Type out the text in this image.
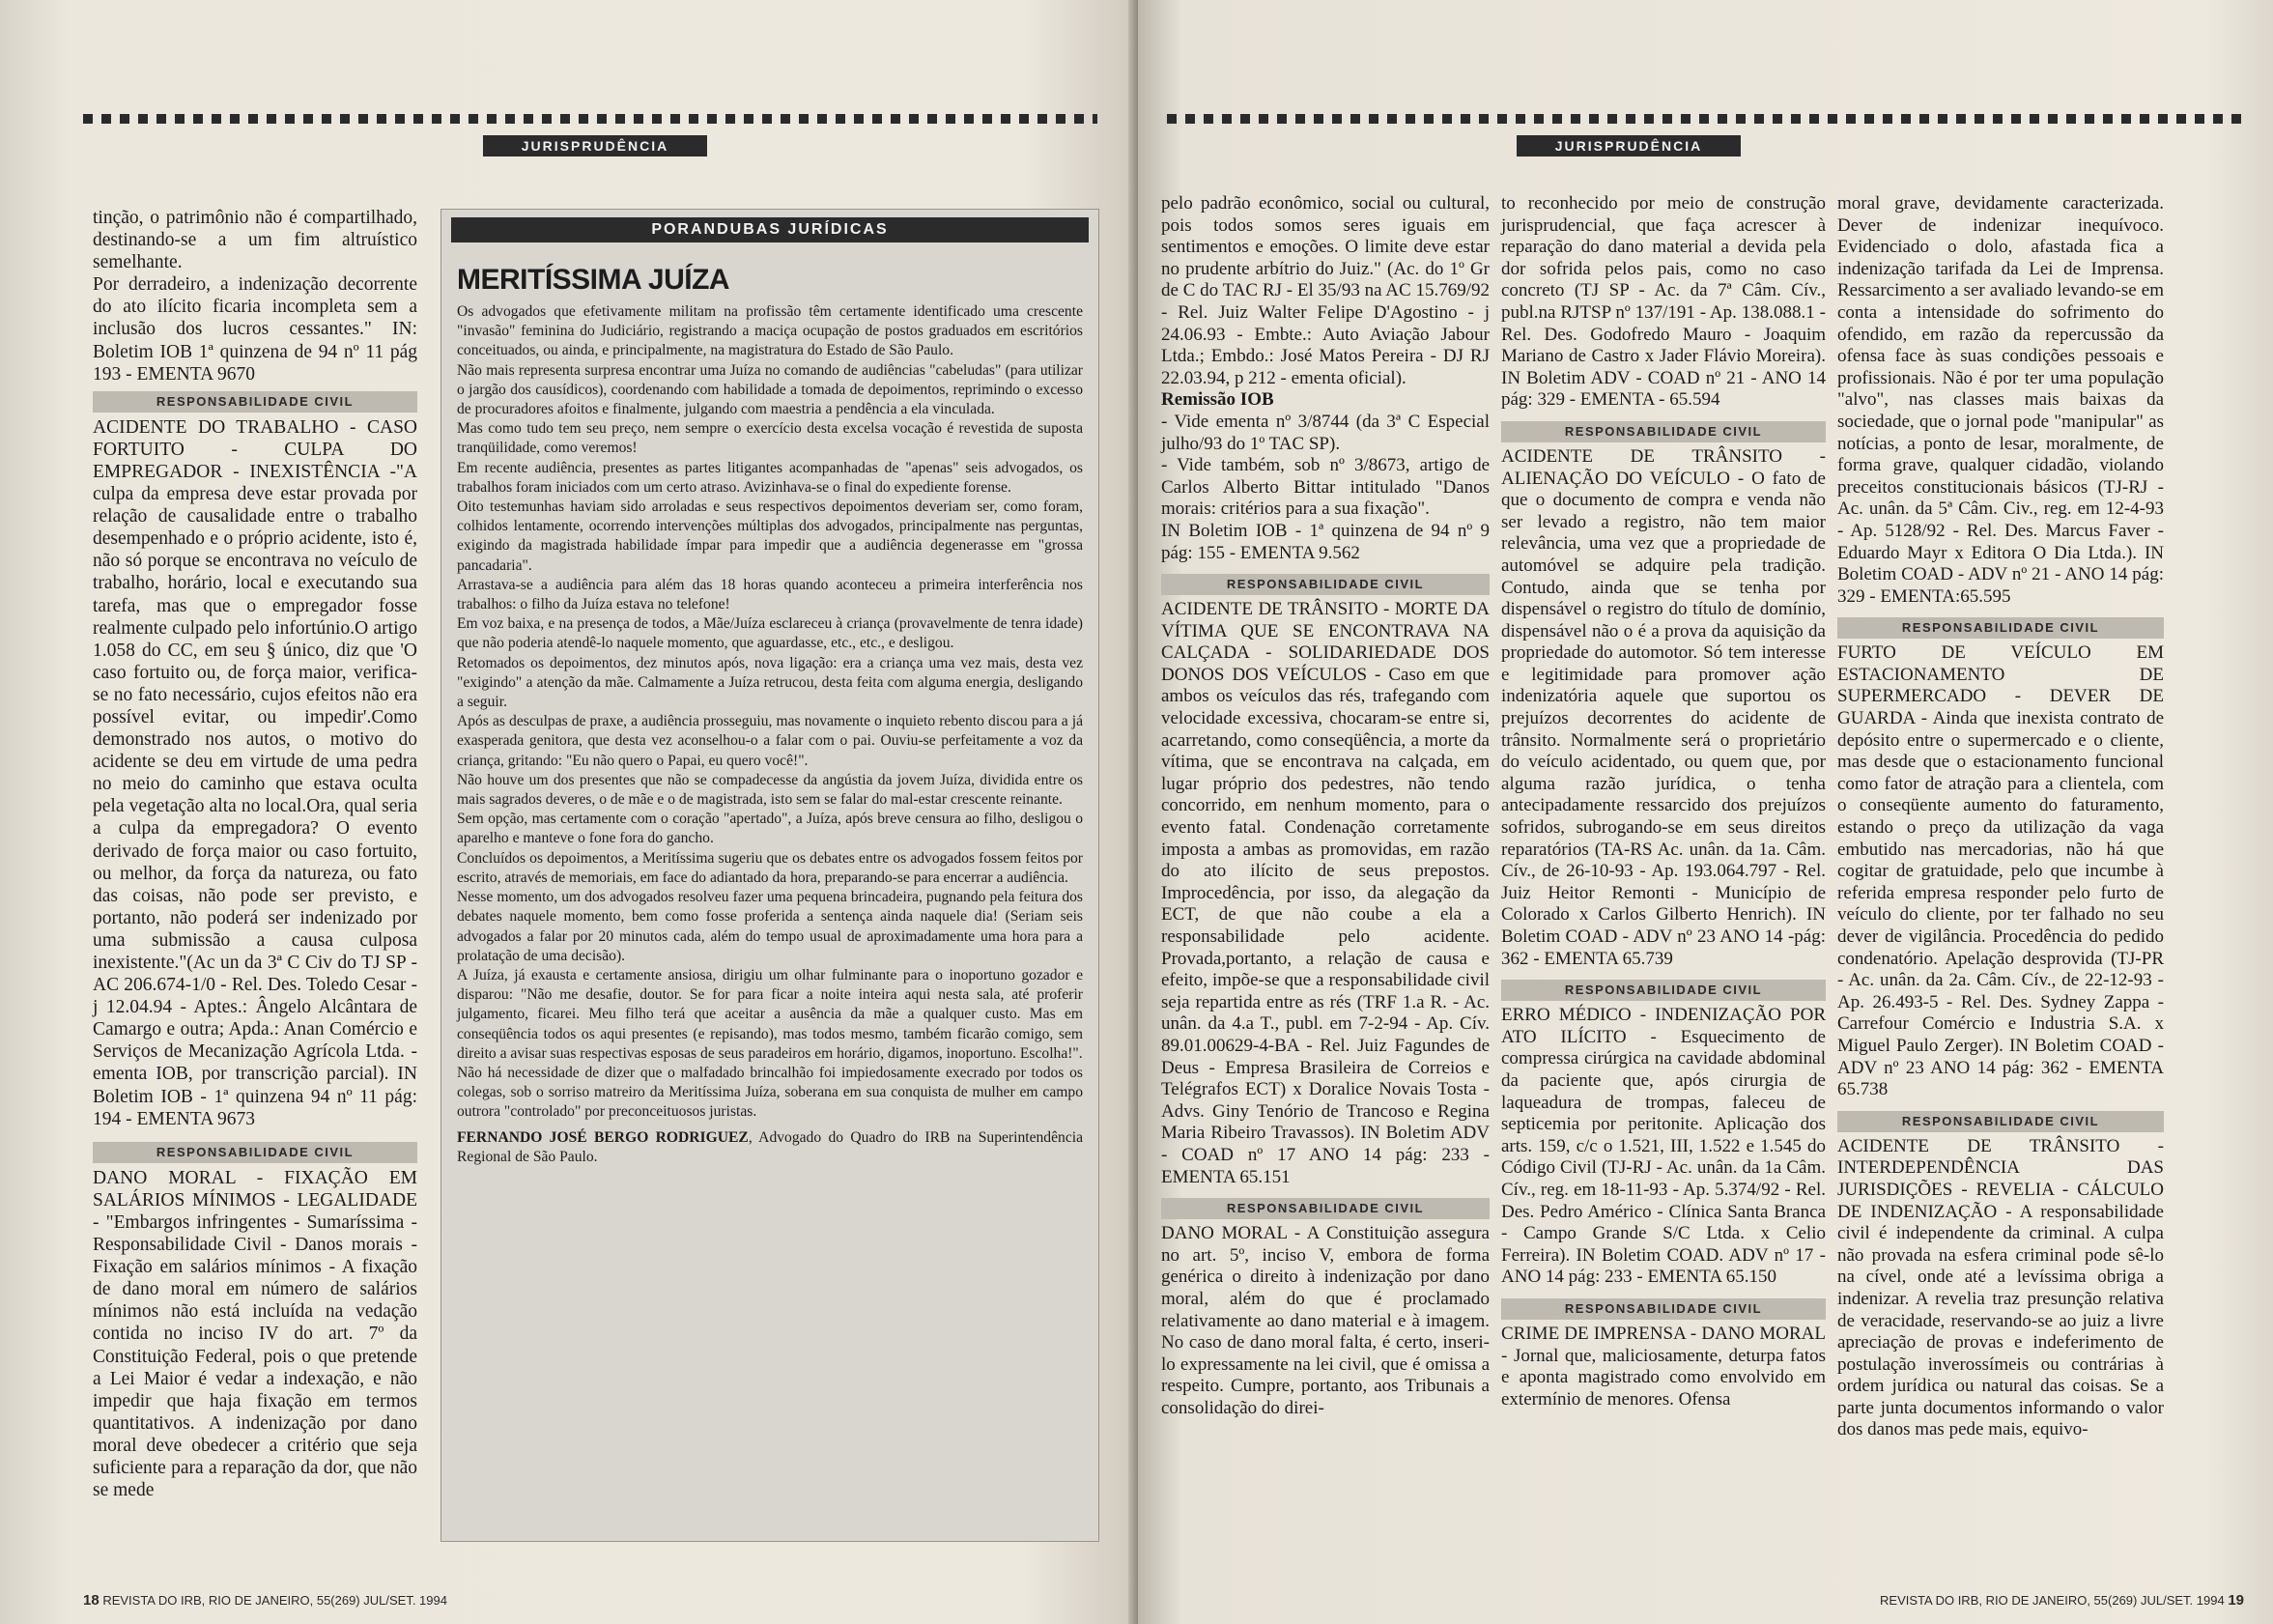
JURISPRUDÊNCIA

tinção, o patrimônio não é compartilhado, destinando-se a um fim altruístico semelhante.

Por derradeiro, a indenização decorrente do ato ilícito ficaria incompleta sem a inclusão dos lucros cessantes." IN: Boletim IOB 1ª quinzena de 94 nº 11 pág 193 - EMENTA 9670

RESPONSABILIDADE CIVIL

ACIDENTE DO TRABALHO - CASO FORTUITO - CULPA DO EMPREGADOR - INEXISTÊNCIA -"A culpa da empresa deve estar provada por relação de causalidade entre o trabalho desempenhado e o próprio acidente, isto é, não só porque se encontrava no veículo de trabalho, horário, local e executando sua tarefa, mas que o empregador fosse realmente culpado pelo infortúnio.O artigo 1.058 do CC, em seu § único, diz que 'O caso fortuito ou, de força maior, verifica-se no fato necessário, cujos efeitos não era possível evitar, ou impedir'.Como demonstrado nos autos, o motivo do acidente se deu em virtude de uma pedra no meio do caminho que estava oculta pela vegetação alta no local.Ora, qual seria a culpa da empregadora? O evento derivado de força maior ou caso fortuito, ou melhor, da força da natureza, ou fato das coisas, não pode ser previsto, e portanto, não poderá ser indenizado por uma submissão a causa culposa inexistente."(Ac un da 3ª C Civ do TJ SP - AC 206.674-1/0 - Rel. Des. Toledo Cesar - j 12.04.94 - Aptes.: Ângelo Alcântara de Camargo e outra; Apda.: Anan Comércio e Serviços de Mecanização Agrícola Ltda. - ementa IOB, por transcrição parcial). IN Boletim IOB - 1ª quinzena 94 nº 11 pág: 194 - EMENTA 9673

RESPONSABILIDADE CIVIL

DANO MORAL - FIXAÇÃO EM SALÁRIOS MÍNIMOS - LEGALIDADE - "Embargos infringentes - Sumaríssima - Responsabilidade Civil - Danos morais - Fixação em salários mínimos - A fixação de dano moral em número de salários mínimos não está incluída na vedação contida no inciso IV do art. 7º da Constituição Federal, pois o que pretende a Lei Maior é vedar a indexação, e não impedir que haja fixação em termos quantitativos. A indenização por dano moral deve obedecer a critério que seja suficiente para a reparação da dor, que não se mede

PORANDUBAS JURÍDICAS
MERITÍSSIMA JUÍZA

Os advogados que efetivamente militam na profissão têm certamente identificado uma crescente "invasão" feminina do Judiciário, registrando a maciça ocupação de postos graduados em escritórios conceituados, ou ainda, e principalmente, na magistratura do Estado de São Paulo.

Não mais representa surpresa encontrar uma Juíza no comando de audiências "cabeludas" (para utilizar o jargão dos causídicos), coordenando com habilidade a tomada de depoimentos, reprimindo o excesso de procuradores afoitos e finalmente, julgando com maestria a pendência a ela vinculada.

Mas como tudo tem seu preço, nem sempre o exercício desta excelsa vocação é revestida de suposta tranqüilidade, como veremos!

Em recente audiência, presentes as partes litigantes acompanhadas de "apenas" seis advogados, os trabalhos foram iniciados com um certo atraso. Avizinhava-se o final do expediente forense.

Oito testemunhas haviam sido arroladas e seus respectivos depoimentos deveriam ser, como foram, colhidos lentamente, ocorrendo intervenções múltiplas dos advogados, principalmente nas perguntas, exigindo da magistrada habilidade ímpar para impedir que a audiência degenerasse em "grossa pancadaria".

Arrastava-se a audiência para além das 18 horas quando aconteceu a primeira interferência nos trabalhos: o filho da Juíza estava no telefone!

Em voz baixa, e na presença de todos, a Mãe/Juíza esclareceu à criança (provavelmente de tenra idade) que não poderia atendê-lo naquele momento, que aguardasse, etc., etc., e desligou.

Retomados os depoimentos, dez minutos após, nova ligação: era a criança uma vez mais, desta vez "exigindo" a atenção da mãe. Calmamente a Juíza retrucou, desta feita com alguma energia, desligando a seguir.

Após as desculpas de praxe, a audiência prosseguiu, mas novamente o inquieto rebento discou para a já exasperada genitora, que desta vez aconselhou-o a falar com o pai. Ouviu-se perfeitamente a voz da criança, gritando: "Eu não quero o Papai, eu quero você!".

Não houve um dos presentes que não se compadecesse da angústia da jovem Juíza, dividida entre os mais sagrados deveres, o de mãe e o de magistrada, isto sem se falar do mal-estar crescente reinante.

Sem opção, mas certamente com o coração "apertado", a Juíza, após breve censura ao filho, desligou o aparelho e manteve o fone fora do gancho.

Concluídos os depoimentos, a Meritíssima sugeriu que os debates entre os advogados fossem feitos por escrito, através de memoriais, em face do adiantado da hora, preparando-se para encerrar a audiência.

Nesse momento, um dos advogados resolveu fazer uma pequena brincadeira, pugnando pela feitura dos debates naquele momento, bem como fosse proferida a sentença ainda naquele dia! (Seriam seis advogados a falar por 20 minutos cada, além do tempo usual de aproximadamente uma hora para a prolatação de uma decisão).

A Juíza, já exausta e certamente ansiosa, dirigiu um olhar fulminante para o inoportuno gozador e disparou: "Não me desafie, doutor. Se for para ficar a noite inteira aqui nesta sala, até proferir julgamento, ficarei. Meu filho terá que aceitar a ausência da mãe a qualquer custo. Mas em conseqüência todos os aqui presentes (e repisando), mas todos mesmo, também ficarão comigo, sem direito a avisar suas respectivas esposas de seus paradeiros em horário, digamos, inoportuno. Escolha!".

Não há necessidade de dizer que o malfadado brincalhão foi impiedosamente execrado por todos os colegas, sob o sorriso matreiro da Meritíssima Juíza, soberana em sua conquista de mulher em campo outrora "controlado" por preconceituosos juristas.

FERNANDO JOSÉ BERGO RODRIGUEZ, Advogado do Quadro do IRB na Superintendência Regional de São Paulo.

18 REVISTA DO IRB, RIO DE JANEIRO, 55(269) JUL/SET. 1994
JURISPRUDÊNCIA

pelo padrão econômico, social ou cultural, pois todos somos seres iguais em sentimentos e emoções. O limite deve estar no prudente arbítrio do Juiz." (Ac. do 1º Gr de C do TAC RJ - El 35/93 na AC 15.769/92 - Rel. Juiz Walter Felipe D'Agostino - j 24.06.93 - Embte.: Auto Aviação Jabour Ltda.; Embdo.: José Matos Pereira - DJ RJ 22.03.94, p 212 - ementa oficial).

Remissão IOB

- Vide ementa nº 3/8744 (da 3ª C Especial julho/93 do 1º TAC SP).

- Vide também, sob nº 3/8673, artigo de Carlos Alberto Bittar intitulado "Danos morais: critérios para a sua fixação".

IN Boletim IOB - 1ª quinzena de 94 nº 9 pág: 155 - EMENTA 9.562

RESPONSABILIDADE CIVIL

ACIDENTE DE TRÂNSITO - MORTE DA VÍTIMA QUE SE ENCONTRAVA NA CALÇADA - SOLIDARIEDADE DOS DONOS DOS VEÍCULOS - Caso em que ambos os veículos das rés, trafegando com velocidade excessiva, chocaram-se entre si, acarretando, como conseqüência, a morte da vítima, que se encontrava na calçada, em lugar próprio dos pedestres, não tendo concorrido, em nenhum momento, para o evento fatal. Condenação corretamente imposta a ambas as promovidas, em razão do ato ilícito de seus prepostos. Improcedência, por isso, da alegação da ECT, de que não coube a ela a responsabilidade pelo acidente. Provada,portanto, a relação de causa e efeito, impõe-se que a responsabilidade civil seja repartida entre as rés (TRF 1.a R. - Ac. unân. da 4.a T., publ. em 7-2-94 - Ap. Cív. 89.01.00629-4-BA - Rel. Juiz Fagundes de Deus - Empresa Brasileira de Correios e Telégrafos ECT) x Doralice Novais Tosta - Advs. Giny Tenório de Trancoso e Regina Maria Ribeiro Travassos). IN Boletim ADV - COAD nº 17 ANO 14 pág: 233 - EMENTA 65.151

RESPONSABILIDADE CIVIL

DANO MORAL - A Constituição assegura no art. 5º, inciso V, embora de forma genérica o direito à indenização por dano moral, além do que é proclamado relativamente ao dano material e à imagem. No caso de dano moral falta, é certo, inseri-lo expressamente na lei civil, que é omissa a respeito. Cumpre, portanto, aos Tribunais a consolidação do direi-

to reconhecido por meio de construção jurisprudencial, que faça acrescer à reparação do dano material a devida pela dor sofrida pelos pais, como no caso concreto (TJ SP - Ac. da 7ª Câm. Cív., publ.na RJTSP nº 137/191 - Ap. 138.088.1 - Rel. Des. Godofredo Mauro - Joaquim Mariano de Castro x Jader Flávio Moreira). IN Boletim ADV - COAD nº 21 - ANO 14 pág: 329 - EMENTA - 65.594

RESPONSABILIDADE CIVIL

ACIDENTE DE TRÂNSITO - ALIENAÇÃO DO VEÍCULO - O fato de que o documento de compra e venda não ser levado a registro, não tem maior relevância, uma vez que a propriedade de automóvel se adquire pela tradição. Contudo, ainda que se tenha por dispensável o registro do título de domínio, dispensável não o é a prova da aquisição da propriedade do automotor. Só tem interesse e legitimidade para promover ação indenizatória aquele que suportou os prejuízos decorrentes do acidente de trânsito. Normalmente será o proprietário do veículo acidentado, ou quem que, por alguma razão jurídica, o tenha antecipadamente ressarcido dos prejuízos sofridos, subrogando-se em seus direitos reparatórios (TA-RS Ac. unân. da 1a. Câm. Cív., de 26-10-93 - Ap. 193.064.797 - Rel. Juiz Heitor Remonti - Município de Colorado x Carlos Gilberto Henrich). IN Boletim COAD - ADV nº 23 ANO 14 -pág: 362 - EMENTA 65.739

RESPONSABILIDADE CIVIL

ERRO MÉDICO - INDENIZAÇÃO POR ATO ILÍCITO - Esquecimento de compressa cirúrgica na cavidade abdominal da paciente que, após cirurgia de laqueadura de trompas, faleceu de septicemia por peritonite. Aplicação dos arts. 159, c/c o 1.521, III, 1.522 e 1.545 do Código Civil (TJ-RJ - Ac. unân. da 1a Câm. Cív., reg. em 18-11-93 - Ap. 5.374/92 - Rel. Des. Pedro Américo - Clínica Santa Branca - Campo Grande S/C Ltda. x Celio Ferreira). IN Boletim COAD. ADV nº 17 - ANO 14 pág: 233 - EMENTA 65.150

RESPONSABILIDADE CIVIL

CRIME DE IMPRENSA - DANO MORAL - Jornal que, maliciosamente, deturpa fatos e aponta magistrado como envolvido em extermínio de menores. Ofensa

moral grave, devidamente caracterizada. Dever de indenizar inequívoco. Evidenciado o dolo, afastada fica a indenização tarifada da Lei de Imprensa. Ressarcimento a ser avaliado levando-se em conta a intensidade do sofrimento do ofendido, em razão da repercussão da ofensa face às suas condições pessoais e profissionais. Não é por ter uma população "alvo", nas classes mais baixas da sociedade, que o jornal pode "manipular" as notícias, a ponto de lesar, moralmente, de forma grave, qualquer cidadão, violando preceitos constitucionais básicos (TJ-RJ - Ac. unân. da 5ª Câm. Civ., reg. em 12-4-93 - Ap. 5128/92 - Rel. Des. Marcus Faver - Eduardo Mayr x Editora O Dia Ltda.). IN Boletim COAD - ADV nº 21 - ANO 14 pág: 329 - EMENTA:65.595

RESPONSABILIDADE CIVIL

FURTO DE VEÍCULO EM ESTACIONAMENTO DE SUPERMERCADO - DEVER DE GUARDA - Ainda que inexista contrato de depósito entre o supermercado e o cliente, mas desde que o estacionamento funcional como fator de atração para a clientela, com o conseqüente aumento do faturamento, estando o preço da utilização da vaga embutido nas mercadorias, não há que cogitar de gratuidade, pelo que incumbe à referida empresa responder pelo furto de veículo do cliente, por ter falhado no seu dever de vigilância. Procedência do pedido condenatório. Apelação desprovida (TJ-PR - Ac. unân. da 2a. Câm. Cív., de 22-12-93 - Ap. 26.493-5 - Rel. Des. Sydney Zappa - Carrefour Comércio e Industria S.A. x Miguel Paulo Zerger). IN Boletim COAD - ADV nº 23 ANO 14 pág: 362 - EMENTA 65.738

RESPONSABILIDADE CIVIL

ACIDENTE DE TRÂNSITO - INTERDEPENDÊNCIA DAS JURISDIÇÕES - REVELIA - CÁLCULO DE INDENIZAÇÃO - A responsabilidade civil é independente da criminal. A culpa não provada na esfera criminal pode sê-lo na cível, onde até a levíssima obriga a indenizar. A revelia traz presunção relativa de veracidade, reservando-se ao juiz a livre apreciação de provas e indeferimento de postulação inverossímeis ou contrárias à ordem jurídica ou natural das coisas. Se a parte junta documentos informando o valor dos danos mas pede mais, equivo-

REVISTA DO IRB, RIO DE JANEIRO, 55(269) JUL/SET. 1994 19
